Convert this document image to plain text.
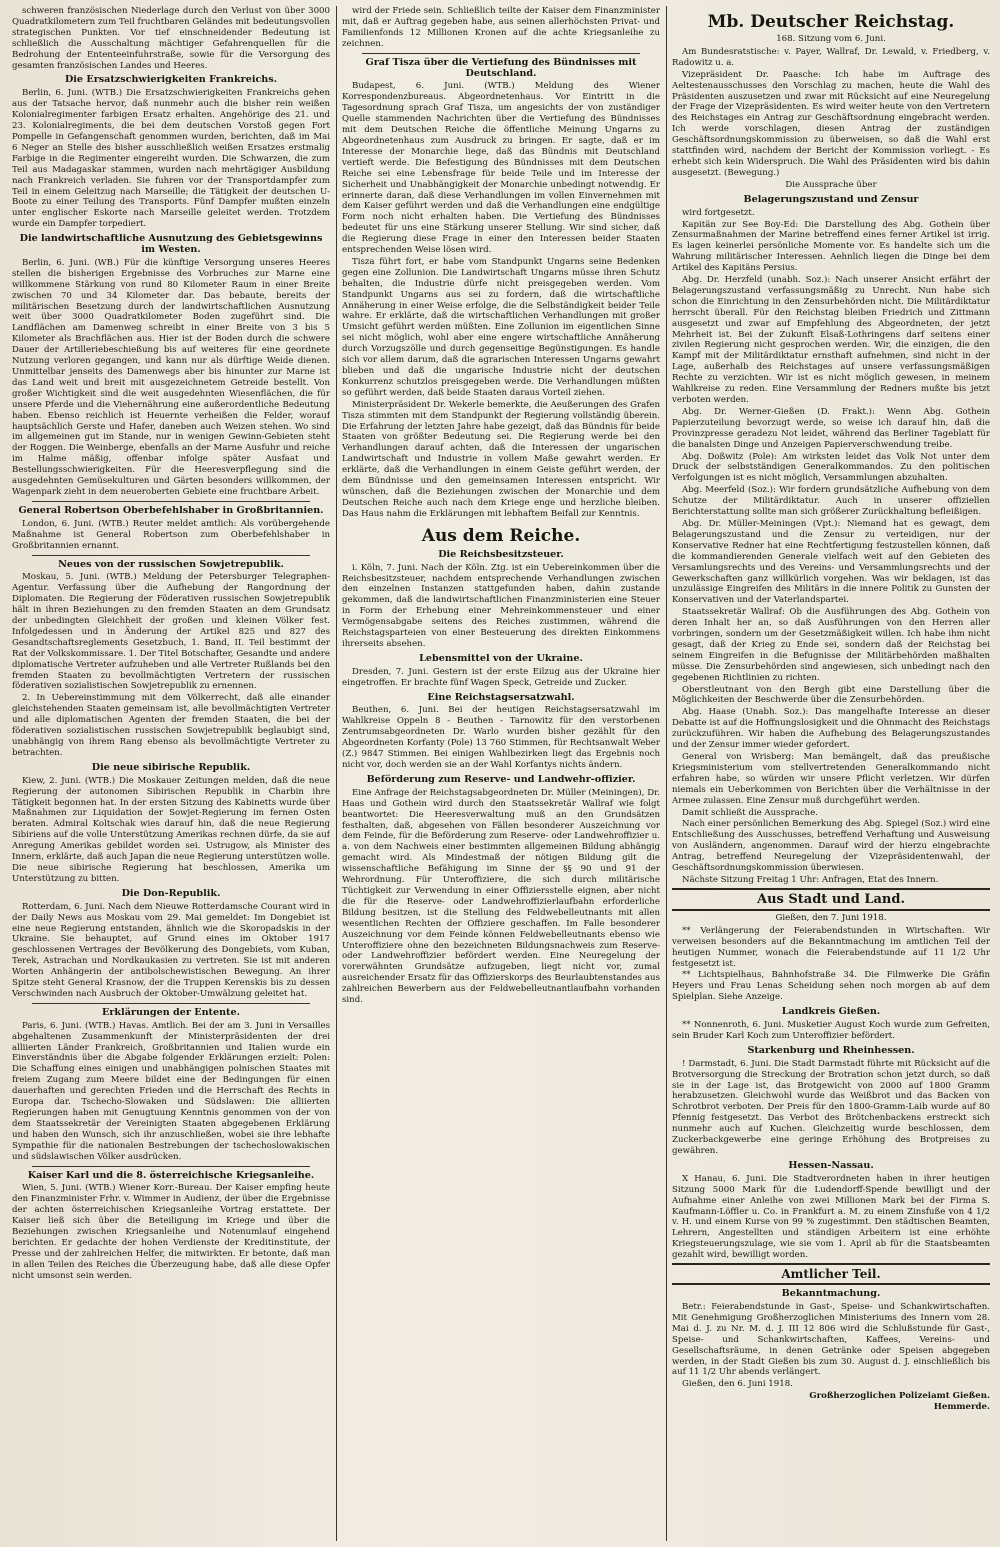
schweren französischen Niederlage durch den Verlust von über 3000 Quadratkilometern zum Teil fruchtbaren Geländes mit bedeutungsvollen strategischen Punkten. Vor tief einschneidender Bedeutung ist schließlich die Ausschaltung mächtiger Gefahrenquellen für die Bedrohung der Ententeeinfuhrstraße, sowie für die Versorgung des gesamten französischen Landes und Heeres.

Die Ersatzschwierigkeiten Frankreichs.

Berlin, 6. Juni. (WTB.) Die Ersatzschwierigkeiten Frankreichs gehen aus der Tatsache hervor, daß nunmehr auch die bisher rein weißen Kolonialregimenter farbigen Ersatz erhalten. Angehörige des 21. und 23. Kolonialregiments, die bei dem deutschen Vorstoß gegen Fort Pompelle in Gefangenschaft genommen wurden, berichten, daß im Mai 6 Neger an Stelle des bisher ausschließlich weißen Ersatzes erstmalig Farbige in die Regimenter eingereiht wurden. Die Schwarzen, die zum Teil aus Madagaskar stammen, wurden nach mehrtägiger Ausbildung nach Frankreich verladen. Sie fuhren vor der Transportdampfer zum Teil in einem Geleitzug nach Marseille; die Tätigkeit der deutschen U-Boote zu einer Teilung des Transports. Fünf Dampfer mußten einzeln unter englischer Eskorte nach Marseille geleitet werden. Trotzdem wurde ein Dampfer torpediert.

Die landwirtschaftliche Ausnutzung des Gebietsgewinns im Westen.

Berlin, 6. Juni. (WB.) Für die künftige Versorgung unseres Heeres stellen die bisherigen Ergebnisse des Vorbruches zur Marne eine willkommene Stärkung von rund 80 Kilometer Raum in einer Breite zwischen 70 und 34 Kilometer dar. Das bebaute, bereits der militärischen Besetzung durch der landwirtschaftlichen Ausnutzung weit über 3000 Quadratkilometer Boden zugeführt sind. Die Landflächen am Damenweg schreibt in einer Breite von 3 bis 5 Kilometer als Brachflächen aus. Hier ist der Boden durch die schwere Dauer der Artilleriebeschießung bis auf weiteres für eine geordnete Nutzung verloren gegangen, und kann nur als dürftige Weide dienen. Unmittelbar jenseits des Damenwegs aber bis hinunter zur Marne ist das Land weit und breit mit ausgezeichnetem Getreide bestellt. Von großer Wichtigkeit sind die weit ausgedehnten Wiesenflächen, die für unsere Pferde und die Viehernährung eine außerordentliche Bedeutung haben. Ebenso reichlich ist Heuernte verheißen die Felder, worauf hauptsächlich Gerste und Hafer, daneben auch Weizen stehen. Wo sind im allgemeinen gut im Stande, nur in wenigen Gewinn-Gebieten steht der Roggen. Die Weinberge, ebenfalls an der Marne Ausfuhr und reiche im Halme mäßig, offenbar infolge später Ausfaat und Bestellungsschwierigkeiten. Für die Heeresverpflegung sind die ausgedehnten Gemüsekulturen und Gärten besonders willkommen, der Wagenpark zieht in dem neueroberten Gebiete eine fruchtbare Arbeit.

General Robertson Oberbefehlshaber in Großbritannien.

London, 6. Juni. (WTB.) Reuter meldet amtlich: Als vorübergehende Maßnahme ist General Robertson zum Oberbefehlshaber in Großbritannien ernannt.

Neues von der russischen Sowjetrepublik.

Moskau, 5. Juni. (WTB.) Meldung der Petersburger Telegraphen-Agentur. Verfassung über die Aufhebung der Rangordnung der Diplomaten. Die Regierung der Föderativen russischen Sowjetrepublik hält in ihren Beziehungen zu den fremden Staaten an dem Grundsatz der unbedingten Gleichheit der großen und kleinen Völker fest. Infolgedessen und in Änderung der Artikel 825 und 827 des Gesandtschaftsreglements Gesetzbuch, 1. Band, II. Teil bestimmt der Rat der Volkskommissare. 1. Der Titel Botschafter, Gesandte und andere diplomatische Vertreter aufzuheben und alle Vertreter Rußlands bei den fremden Staaten zu bevollmächtigten Vertretern der russischen föderativen sozialistischen Sowjetrepublik zu ernennen.

2. In Uebereinstimmung mit dem Völkerrecht, daß alle einander gleichstehenden Staaten gemeinsam ist, alle bevollmächtigten Vertreter und alle diplomatischen Agenten der fremden Staaten, die bei der föderativen sozialistischen russischen Sowjetrepublik beglaubigt sind, unabhängig von ihrem Rang ebenso als bevollmächtigte Vertreter zu betrachten.

Die neue sibirische Republik.

Kiew, 2. Juni. (WTB.) Die Moskauer Zeitungen melden, daß die neue Regierung der autonomen Sibirischen Republik in Charbin ihre Tätigkeit begonnen hat. In der ersten Sitzung des Kabinetts wurde über Maßnahmen zur Liquidation der Sowjet-Regierung im fernen Osten beraten. Admiral Koltschak wies darauf hin, daß die neue Regierung Sibiriens auf die volle Unterstützung Amerikas rechnen dürfe, da sie auf Anregung Amerikas gebildet worden sei. Ustrugow, als Minister des Innern, erklärte, daß auch Japan die neue Regierung unterstützen wolle. Die neue sibirische Regierung hat beschlossen, Amerika um Unterstützung zu bitten.

Die Don-Republik.

Rotterdam, 6. Juni. Nach dem Nieuwe Rotterdamsche Courant wird in der Daily News aus Moskau vom 29. Mai gemeldet: Im Dongebiet ist eine neue Regierung entstanden, ähnlich wie die Skoropadskis in der Ukraine. Sie behauptet, auf Grund eines im Oktober 1917 geschlossenen Vertrages der Bevölkerung des Dongebiets, vom Kuban, Terek, Astrachan und Nordkaukasien zu vertreten. Sie ist mit anderen Worten Anhängerin der antibolschewistischen Bewegung. An ihrer Spitze steht General Krasnow, der die Truppen Kerenskis bis zu dessen Verschwinden nach Ausbruch der Oktober-Umwälzung geleitet hat.

Erklärungen der Entente.

Paris, 6. Juni. (WTB.) Havas. Amtlich. Bei der am 3. Juni in Versailles abgehaltenen Zusammenkunft der Ministerpräsidenten der drei alliierten Länder Frankreich, Großbritannien und Italien wurde ein Einverständnis über die Abgabe folgender Erklärungen erzielt: Polen: Die Schaffung eines einigen und unabhängigen polnischen Staates mit freiem Zugang zum Meere bildet eine der Bedingungen für einen dauerhaften und gerechten Frieden und die Herrschaft des Rechts in Europa dar. Tschecho-Slowaken und Südslawen: Die alliierten Regierungen haben mit Genugtuung Kenntnis genommen von der von dem Staatssekretär der Vereinigten Staaten abgegebenen Erklärung und haben den Wunsch, sich ihr anzuschließen, wobei sie ihre lebhafte Sympathie für die nationalen Bestrebungen der tschechoslowakischen und südslawischen Völker ausdrücken.

Kaiser Karl und die 8. österreichische Kriegsanleihe.

Wien, 5. Juni. (WTB.) Wiener Korr.-Bureau. Der Kaiser empfing heute den Finanzminister Frhr. v. Wimmer in Audienz, der über die Ergebnisse der achten österreichischen Kriegsanleihe Vortrag erstattete. Der Kaiser ließ sich über die Beteiligung im Kriege und über die Beziehungen zwischen Kriegsanleihe und Notenumlauf eingehend berichten. Er gedachte der hohen Verdienste der Kreditinstitute, der Presse und der zahlreichen Helfer, die mitwirkten. Er betonte, daß man in allen Teilen des Reiches die Überzeugung habe, daß alle diese Opfer nicht umsonst sein werden.

wird der Friede sein. Schließlich teilte der Kaiser dem Finanzminister mit, daß er Auftrag gegeben habe, aus seinen allerhöchsten Privat- und Familienfonds 12 Millionen Kronen auf die achte Kriegsanleihe zu zeichnen.

Graf Tisza über die Vertiefung des Bündnisses mit Deutschland.

Budapest, 6. Juni. (WTB.) Meldung des Wiener Korrespondenzbureaus. Abgeordnetenhaus. Vor Eintritt in die Tagesordnung sprach Graf Tisza, um angesichts der von zuständiger Quelle stammenden Nachrichten über die Vertiefung des Bündnisses mit dem Deutschen Reiche die öffentliche Meinung Ungarns zu Abgeordnetenhaus zum Ausdruck zu bringen. Er sagte, daß er im Interesse der Monarchie liege, daß das Bündnis mit Deutschland vertieft werde. Die Befestigung des Bündnisses mit dem Deutschen Reiche sei eine Lebensfrage für beide Teile und im Interesse der Sicherheit und Unabhängigkeit der Monarchie unbedingt notwendig. Er erinnerte daran, daß diese Verhandlungen im vollen Einvernehmen mit dem Kaiser geführt werden und daß die Verhandlungen eine endgültige Form noch nicht erhalten haben. Die Vertiefung des Bündnisses bedeutet für uns eine Stärkung unserer Stellung. Wir sind sicher, daß die Regierung diese Frage in einer den Interessen beider Staaten entsprechenden Weise lösen wird.

Tisza führt fort, er habe vom Standpunkt Ungarns seine Bedenken gegen eine Zollunion. Die Landwirtschaft Ungarns müsse ihren Schutz behalten, die Industrie dürfe nicht preisgegeben werden. Vom Standpunkt Ungarns aus sei zu fordern, daß die wirtschaftliche Annäherung in einer Weise erfolge, die die Selbständigkeit beider Teile wahre. Er erklärte, daß die wirtschaftlichen Verhandlungen mit großer Umsicht geführt werden müßten. Eine Zollunion im eigentlichen Sinne sei nicht möglich, wohl aber eine engere wirtschaftliche Annäherung durch Vorzugszölle und durch gegenseitige Begünstigungen. Es handle sich vor allem darum, daß die agrarischen Interessen Ungarns gewahrt blieben und daß die ungarische Industrie nicht der deutschen Konkurrenz schutzlos preisgegeben werde. Die Verhandlungen müßten so geführt werden, daß beide Staaten daraus Vorteil ziehen.

Ministerpräsident Dr. Wekerle bemerkte, die Aeußerungen des Grafen Tisza stimmten mit dem Standpunkt der Regierung vollständig überein. Die Erfahrung der letzten Jahre habe gezeigt, daß das Bündnis für beide Staaten von größter Bedeutung sei. Die Regierung werde bei den Verhandlungen darauf achten, daß die Interessen der ungarischen Landwirtschaft und Industrie in vollem Maße gewahrt werden. Er erklärte, daß die Verhandlungen in einem Geiste geführt werden, der dem Bündnisse und den gemeinsamen Interessen entspricht. Wir wünschen, daß die Beziehungen zwischen der Monarchie und dem Deutschen Reiche auch nach dem Kriege enge und herzliche bleiben. Das Haus nahm die Erklärungen mit lebhaftem Beifall zur Kenntnis.

Aus dem Reiche.
Die Reichsbesitzsteuer.

i. Köln, 7. Juni. Nach der Köln. Ztg. ist ein Uebereinkommen über die Reichsbesitzsteuer, nachdem entsprechende Verhandlungen zwischen den einzelnen Instanzen stattgefunden haben, dahin zustande gekommen, daß die landwirtschaftlichen Finanzministerien eine Steuer in Form der Erhebung einer Mehreinkommensteuer und einer Vermögensabgabe seitens des Reiches zustimmen, während die Reichstagsparteien von einer Besteuerung des direkten Einkommens ihrerseits absehen.

Lebensmittel von der Ukraine.

Dresden, 7. Juni. Gestern ist der erste Eilzug aus der Ukraine hier eingetroffen. Er brachte fünf Wagen Speck, Getreide und Zucker.

Eine Reichstagsersatzwahl.

Beuthen, 6. Juni. Bei der heutigen Reichstagsersatzwahl im Wahlkreise Oppeln 8 - Beuthen - Tarnowitz für den verstorbenen Zentrumsabgeordneten Dr. Warlo wurden bisher gezählt für den Abgeordneten Korfanty (Pole) 13 760 Stimmen, für Rechtsanwalt Weber (Z.) 9847 Stimmen. Bei einigen Wahlbezirken liegt das Ergebnis noch nicht vor, doch werden sie an der Wahl Korfantys nichts ändern.

Beförderung zum Reserve- und Landwehr-offizier.

Eine Anfrage der Reichstagsabgeordneten Dr. Müller (Meiningen), Dr. Haas und Gothein wird durch den Staatssekretär Wallraf wie folgt beantwortet: Die Heeresverwaltung muß an den Grundsätzen festhalten, daß, abgesehen von Fällen besonderer Auszeichnung vor dem Feinde, für die Beförderung zum Reserve- oder Landwehroffizier u. a. von dem Nachweis einer bestimmten allgemeinen Bildung abhängig gemacht wird. Als Mindestmaß der nötigen Bildung gilt die wissenschaftliche Befähigung im Sinne der §§ 90 und 91 der Wehrordnung. Für Unteroffiziere, die sich durch militärische Tüchtigkeit zur Verwendung in einer Offiziersstelle eignen, aber nicht die für die Reserve- oder Landwehroffizierlaufbahn erforderliche Bildung besitzen, ist die Stellung des Feldwebelleutnants mit allen wesentlichen Rechten der Offiziere geschaffen. Im Falle besonderer Auszeichnung vor dem Feinde können Feldwebelleutnants ebenso wie Unteroffiziere ohne den bezeichneten Bildungsnachweis zum Reserve- oder Landwehroffizier befördert werden. Eine Neuregelung der vorerwähnten Grundsätze aufzugeben, liegt nicht vor, zumal ausreichender Ersatz für das Offizierskorps des Beurlaubtenstandes aus zahlreichen Bewerbern aus der Feldwebelleutnantlaufbahn vorhanden sind.

Mb. Deutscher Reichstag.
168. Sitzung vom 6. Juni.

Am Bundesratstische: v. Payer, Wallraf, Dr. Lewald, v. Friedberg, v. Radowitz u. a.

Vizepräsident Dr. Paasche: Ich habe im Auftrage des Aeltestenausschusses den Vorschlag zu machen, heute die Wahl des Präsidenten auszusetzen und zwar mit Rücksicht auf eine Neuregelung der Frage der Vizepräsidenten. Es wird weiter heute von den Vertretern des Reichstages ein Antrag zur Geschäftsordnung eingebracht werden. Ich werde vorschlagen, diesen Antrag der zuständigen Geschäftsordnungskommission zu überweisen, so daß die Wahl erst stattfinden wird, nachdem der Bericht der Kommission vorliegt. - Es erhebt sich kein Widerspruch. Die Wahl des Präsidenten wird bis dahin ausgesetzt. (Bewegung.)

Die Aussprache über
Belagerungszustand und Zensur

wird fortgesetzt.

Kapitän zur See Boy-Ed: Die Darstellung des Abg. Gothein über Zensurmaßnahmen der Marine betreffend eines ferner Artikel ist irrig. Es lagen keinerlei persönliche Momente vor. Es handelte sich um die Wahrung militärischer Interessen. Aehnlich liegen die Dinge bei dem Artikel des Kapitäns Persius.

Abg. Dr. Herzfeld (unabh. Soz.): Nach unserer Ansicht erfährt der Belagerungszustand verfassungsmäßig zu Unrecht. Nun habe sich schon die Einrichtung in den Zensurbehörden nicht. Die Militärdiktatur herrscht überall. Für den Reichstag bleiben Friedrich und Zittmann ausgesetzt und zwar auf Empfehlung des Abgeordneten, der jetzt Mehrheit ist. Bei der Zukunft Elsaß-Lothringens darf seitens einer zivilen Regierung nicht gesprochen werden. Wir, die einzigen, die den Kampf mit der Militärdiktatur ernsthaft aufnehmen, sind nicht in der Lage, außerhalb des Reichstages auf unsere verfassungsmäßigen Rechte zu verzichten. Wir ist es nicht möglich gewesen, in meinem Wahlkreise zu reden. Eine Versammlung der Redners mußte bis jetzt verboten werden.

Abg. Dr. Werner-Gießen (D. Frakt.): Wenn Abg. Gothein Papierzuteilung bevorzugt werde, so weise ich darauf hin, daß die Provinzpresse geradezu Not leidet, während das Berliner Tageblatt für die banalsten Dinge und Anzeigen Papierverschwendung treibe.

Abg. Doßwitz (Pole): Am wirksten leidet das Volk Not unter dem Druck der selbstständigen Generalkommandos. Zu den politischen Verfolgungen ist es nicht möglich, Versammlungen abzuhalten.

Abg. Meerfeld (Soz.): Wir fordern grundsätzliche Aufhebung von dem Schutze der Militärdiktatur. Auch in unserer offiziellen Berichterstattung sollte man sich größerer Zurückhaltung befleißigen.

Abg. Dr. Müller-Meiningen (Vpt.): Niemand hat es gewagt, dem Belagerungszustand und die Zensur zu verteidigen, nur der Konservative Redner hat eine Rechtfertigung festzustellen können, daß die kommandierenden Generale vielfach weit auf den Gebieten des Versamlungsrechts und des Vereins- und Versammlungsrechts und der Gewerkschaften ganz willkürlich vorgehen. Was wir beklagen, ist das unzulässige Eingreifen des Militärs in die innere Politik zu Gunsten der Konservativen und der Vaterlandspartei.

Staatssekretär Wallraf: Ob die Ausführungen des Abg. Gothein von deren Inhalt her an, so daß Ausführungen von den Herren aller vorbringen, sondern um der Gesetzmäßigkeit willen. Ich habe ihm nicht gesagt, daß der Krieg zu Ende sei, sondern daß der Reichstag bei seinem Eingreifen in die Befugnisse der Militärbehörden maßhalten müsse. Die Zensurbehörden sind angewiesen, sich unbedingt nach den gegebenen Richtlinien zu richten.

Oberstleutnant von den Bergh gibt eine Darstellung über die Möglichkeiten der Beschwerde über die Zensurbehörden.

Abg. Haase (Unabh. Soz.): Das mangelhafte Interesse an dieser Debatte ist auf die Hoffnungslosigkeit und die Ohnmacht des Reichstags zurückzuführen. Wir haben die Aufhebung des Belagerungszustandes und der Zensur immer wieder gefordert.

General von Wrisberg: Man bemängelt, daß das preußische Kriegsministerium vom stellvertretenden Generalkommando nicht erfahren habe, so würden wir unsere Pflicht verletzen. Wir dürfen niemals ein Ueberkommen von Berichten über die Verhältnisse in der Armee zulassen. Eine Zensur muß durchgeführt werden.

Damit schließt die Aussprache.

Nach einer persönlichen Bemerkung des Abg. Spiegel (Soz.) wird eine Entschließung des Ausschusses, betreffend Verhaftung und Ausweisung von Ausländern, angenommen. Darauf wird der hierzu eingebrachte Antrag, betreffend Neuregelung der Vizepräsidentenwahl, der Geschäftsordnungskommission überwiesen.

Nächste Sitzung Freitag 1 Uhr: Anfragen, Etat des Innern.

Aus Stadt und Land.
Gießen, den 7. Juni 1918.

** Verlängerung der Feierabendstunden in Wirtschaften. Wir verweisen besonders auf die Bekanntmachung im amtlichen Teil der heutigen Nummer, wonach die Feierabendstunde auf 11 1/2 Uhr festgesetzt ist.

** Lichtspielhaus, Bahnhofstraße 34. Die Filmwerke Die Gräfin Heyers und Frau Lenas Scheidung sehen noch morgen ab auf dem Spielplan. Siehe Anzeige.

Landkreis Gießen.

** Nonnenroth, 6. Juni. Musketier August Koch wurde zum Gefreiten, sein Bruder Karl Koch zum Unteroffizier befördert.

Starkenburg und Rheinhessen.

! Darmstadt, 6. Juni. Die Stadt Darmstadt führte mit Rücksicht auf die Brotversorgung die Streckung der Brotration schon jetzt durch, so daß sie in der Lage ist, das Brotgewicht von 2000 auf 1800 Gramm herabzusetzen. Gleichwohl wurde das Weißbrot und das Backen von Schrotbrot verboten. Der Preis für den 1800-Gramm-Laib wurde auf 80 Pfennig festgesetzt. Das Verbot des Brötchenbackens erstreckt sich nunmehr auch auf Kuchen. Gleichzeitig wurde beschlossen, dem Zuckerbackgewerbe eine geringe Erhöhung des Brotpreises zu gewähren.

Hessen-Nassau.

X Hanau, 6. Juni. Die Stadtverordneten haben in ihrer heutigen Sitzung 5000 Mark für die Ludendorff-Spende bewilligt und der Aufnahme einer Anleihe von zwei Millionen Mark bei der Firma S. Kaufmann-Löffler u. Co. in Frankfurt a. M. zu einem Zinsfuße von 4 1/2 v. H. und einem Kurse von 99 % zugestimmt. Den städtischen Beamten, Lehrern, Angestellten und ständigen Arbeitern ist eine erhöhte Kriegsteuerungszulage, wie sie vom 1. April ab für die Staatsbeamten gezahlt wird, bewilligt worden.

Amtlicher Teil.
Bekanntmachung.

Betr.: Feierabendstunde in Gast-, Speise- und Schankwirtschaften. Mit Genehmigung Großherzoglichen Ministeriums des Innern vom 28. Mai d. J. zu Nr. M. d. J. III 12 806 wird die Schlußstunde für Gast-, Speise- und Schankwirtschaften, Kaffees, Vereins- und Gesellschaftsräume, in denen Getränke oder Speisen abgegeben werden, in der Stadt Gießen bis zum 30. August d. J. einschließlich bis auf 11 1/2 Uhr abends verlängert.

Gießen, den 6. Juni 1918.

Großherzoglichen Polizeiamt Gießen.
Hemmerde.
